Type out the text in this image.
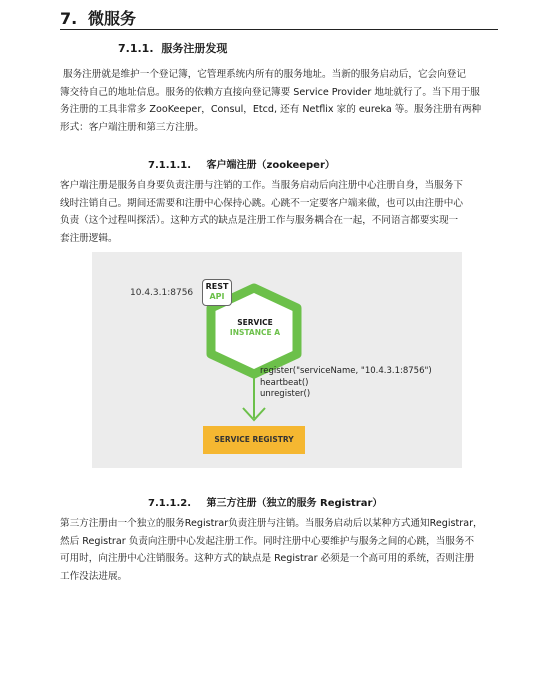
7. 微服务
7.1.1. 服务注册发现
服务注册就是维护一个登记簿，它管理系统内所有的服务地址。当新的服务启动后，它会向登记
簿交待自己的地址信息。服务的依赖方直接向登记簿要 Service Provider 地址就行了。当下用于服
务注册的工具非常多 ZooKeeper，Consul，Etcd, 还有 Netflix 家的 eureka 等。服务注册有两种
形式：客户端注册和第三方注册。
7.1.1.1. 客户端注册（zookeeper）
客户端注册是服务自身要负责注册与注销的工作。当服务启动后向注册中心注册自身，当服务下
线时注销自己。期间还需要和注册中心保持心跳。心跳不一定要客户端来做，也可以由注册中心
负责（这个过程叫探活）。这种方式的缺点是注册工作与服务耦合在一起，不同语言都要实现一
套注册逻辑。
10.4.3.1:8756
REST
API
SERVICE
INSTANCE A
register("serviceName, "10.4.3.1:8756")
heartbeat()
unregister()
SERVICE REGISTRY
7.1.1.2. 第三方注册（独立的服务 Registrar）
第三方注册由一个独立的服务Registrar负责注册与注销。当服务启动后以某种方式通知Registrar，
然后 Registrar 负责向注册中心发起注册工作。同时注册中心要维护与服务之间的心跳，当服务不
可用时，向注册中心注销服务。这种方式的缺点是 Registrar 必须是一个高可用的系统，否则注册
工作没法进展。
